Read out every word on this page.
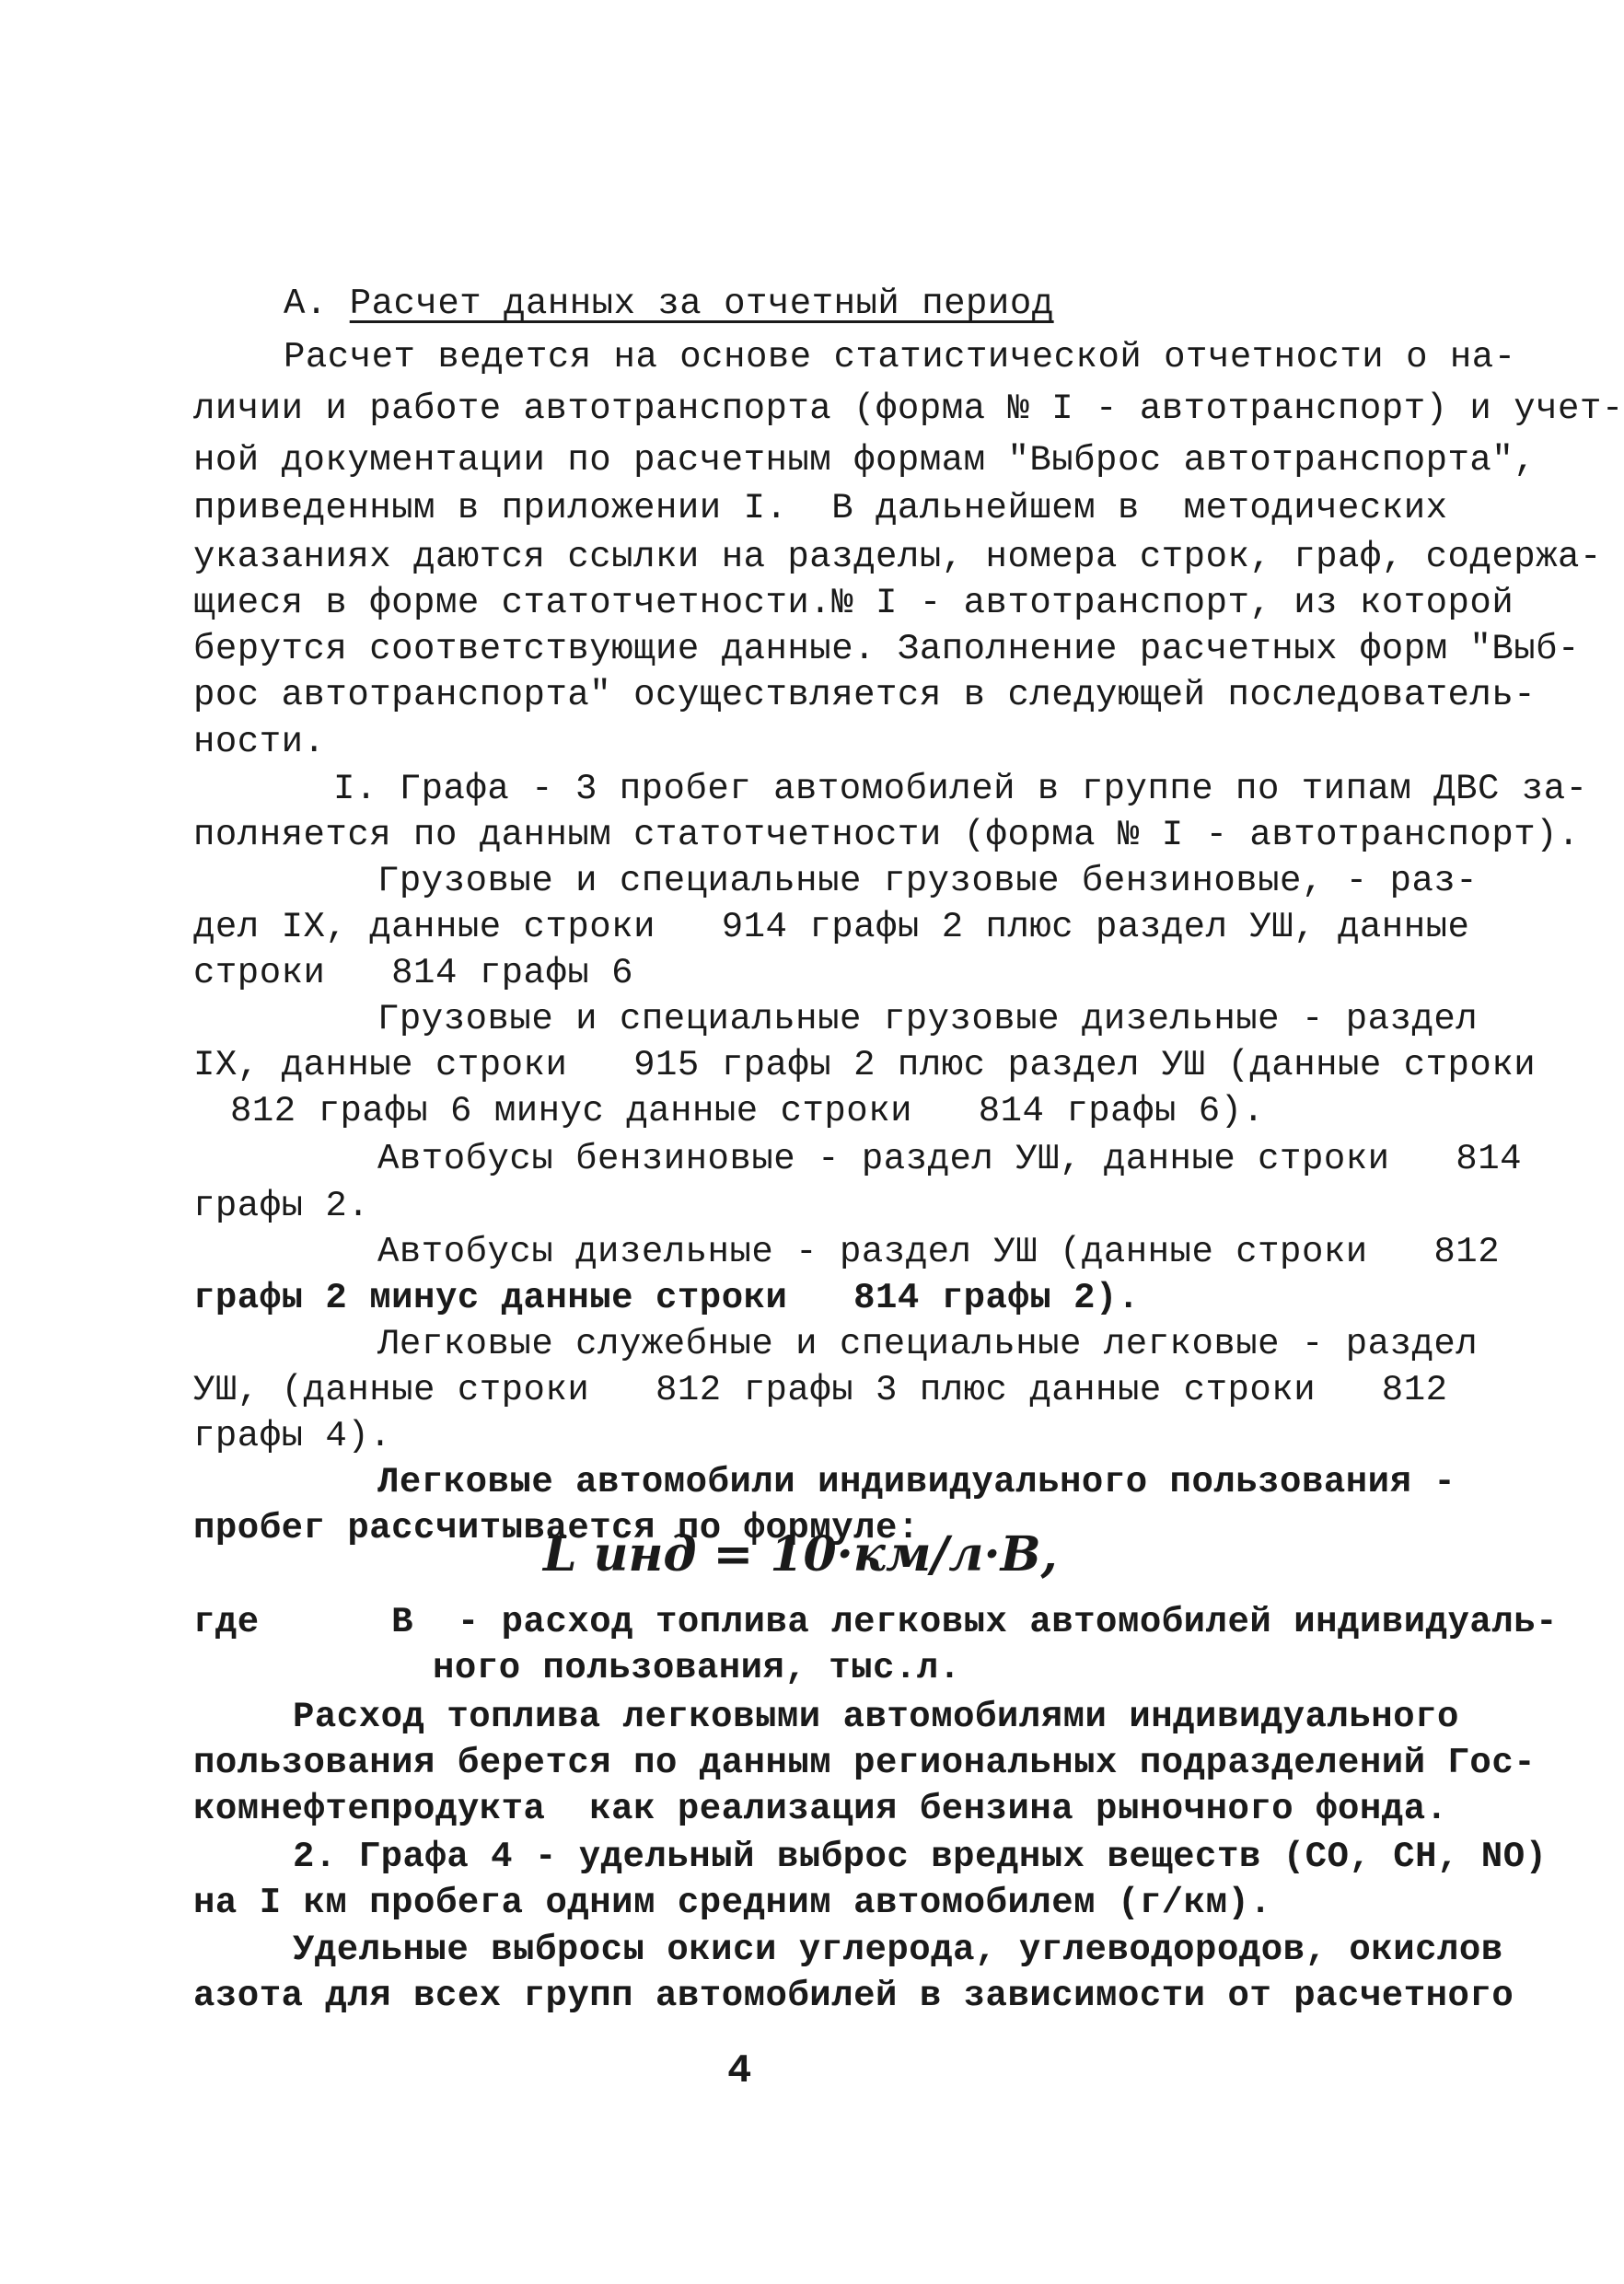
А. Расчет данных за отчетный период
Расчет ведется на основе статистической отчетности о на-
личии и работе автотранспорта (форма № I - автотранспорт) и учет-
ной документации по расчетным формам "Выброс автотранспорта",
приведенным в приложении I.  В дальнейшем в  методических
указаниях даются ссылки на разделы, номера строк, граф, содержа-
щиеся в форме статотчетности.№ I - автотранспорт, из которой
берутся соответствующие данные. Заполнение расчетных форм "Выб-
рос автотранспорта" осуществляется в следующей последователь-
ности.
I. Графа - 3 пробег автомобилей в группе по типам ДВС за-
полняется по данным статотчетности (форма № I - автотранспорт).
Грузовые и специальные грузовые бензиновые, - раз-
дел IX, данные строки   914 графы 2 плюс раздел УШ, данные
строки   814 графы 6
Грузовые и специальные грузовые дизельные - раздел
IX, данные строки   915 графы 2 плюс раздел УШ (данные строки
812 графы 6 минус данные строки   814 графы 6).
Автобусы бензиновые - раздел УШ, данные строки   814
графы 2.
Автобусы дизельные - раздел УШ (данные строки   812
графы 2 минус данные строки   814 графы 2).
Легковые служебные и специальные легковые - раздел
УШ, (данные строки   812 графы 3 плюс данные строки   812
графы 4).
Легковые автомобили индивидуального пользования -
пробег рассчитывается по формуле:
L инд = 10·км/л·B,
где      B  - расход топлива легковых автомобилей индивидуаль-
ного пользования, тыс.л.
Расход топлива легковыми автомобилями индивидуального
пользования берется по данным региональных подразделений Гос-
комнефтепродукта  как реализация бензина рыночного фонда.
2. Графа 4 - удельный выброс вредных веществ (СО, СН, NO)
на I км пробега одним средним автомобилем (г/км).
Удельные выбросы окиси углерода, углеводородов, окислов
азота для всех групп автомобилей в зависимости от расчетного
4
